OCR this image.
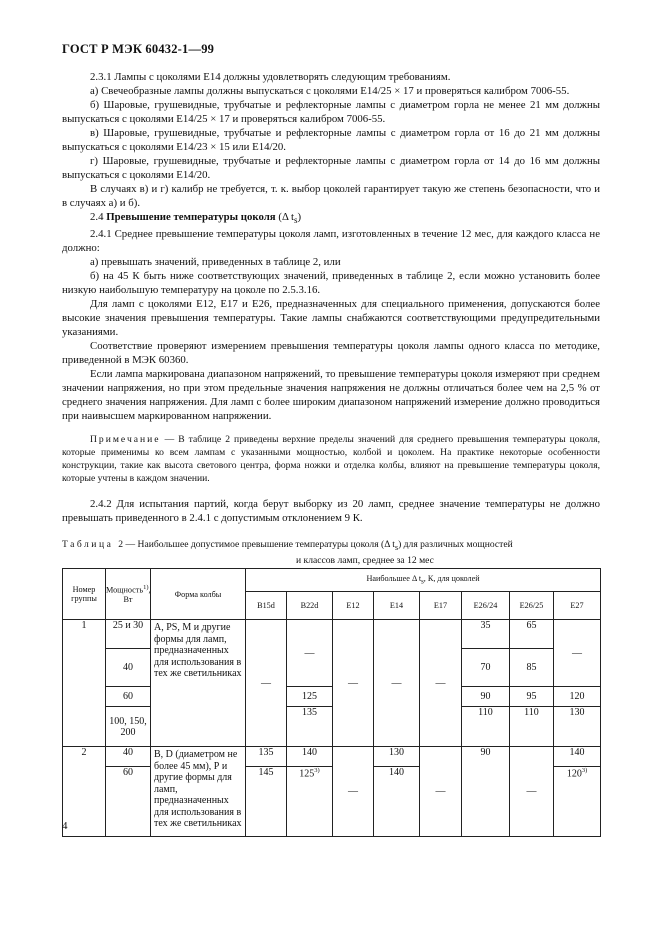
ГОСТ Р МЭК 60432-1—99

2.3.1 Лампы с цоколями Е14 должны удовлетворять следующим требованиям.

а) Свечеобразные лампы должны выпускаться с цоколями Е14/25 × 17 и проверяться калибром 7006-55.

б) Шаровые, грушевидные, трубчатые и рефлекторные лампы с диаметром горла не менее 21 мм должны выпускаться с цоколями Е14/25 × 17 и проверяться калибром 7006-55.

в) Шаровые, грушевидные, трубчатые и рефлекторные лампы с диаметром горла от 16 до 21 мм должны выпускаться с цоколями Е14/23 × 15 или Е14/20.

г) Шаровые, грушевидные, трубчатые и рефлекторные лампы с диаметром горла от 14 до 16 мм должны выпускаться с цоколями Е14/20.

В случаях в) и г) калибр не требуется, т. к. выбор цоколей гарантирует такую же степень безопасности, что и в случаях а) и б).

2.4 Превышение температуры цоколя (Δ $t_s$)

2.4.1 Среднее превышение температуры цоколя ламп, изготовленных в течение 12 мес, для каждого класса не должно:

а) превышать значений, приведенных в таблице 2, или

б) на 45 К быть ниже соответствующих значений, приведенных в таблице 2, если можно установить более низкую наибольшую температуру на цоколе по 2.5.3.16.

Для ламп с цоколями Е12, Е17 и Е26, предназначенных для специального применения, допускаются более высокие значения превышения температуры. Такие лампы снабжаются соответствующими предупредительными указаниями.

Соответствие проверяют измерением превышения температуры цоколя лампы одного класса по методике, приведенной в МЭК 60360.

Если лампа маркирована диапазоном напряжений, то превышение температуры цоколя измеряют при среднем значении напряжения, но при этом предельные значения напряжения не должны отличаться более чем на 2,5 % от среднего значения напряжения. Для ламп с более широким диапазоном напряжений измерение должно проводиться при наивысшем маркированном напряжении.

Примечание — В таблице 2 приведены верхние пределы значений для среднего превышения температуры цоколя, которые применимы ко всем лампам с указанными мощностью, колбой и цоколем. На практике некоторые особенности конструкции, такие как высота светового центра, форма ножки и отделка колбы, влияют на превышение температуры цоколя, которые учтены в каждом значении.

2.4.2 Для испытания партий, когда берут выборку из 20 ламп, среднее значение температуры не должно превышать приведенного в 2.4.1 с допустимым отклонением 9 К.

Таблица 2— Наибольшее допустимое превышение температуры цоколя (Δ $t_s$) для различных мощностей
и классов ламп, среднее за 12 мес
Номер группы	Мощность$^{1)}$, Вт	Форма колбы	Наибольшее Δ $t_s$, К, для цоколей							
			В15d	В22d	Е12	Е14	Е17	Е26/24	Е26/25	Е27
1	25 и 30	А, PS, М и другие формы для ламп, предназначенных для использования в тех же светильниках	—	—	—	—	—	35	65	—
	40							70	85	
	60			125				90	95	120
	100, 150, 200			135				110	110	130
2	40	В, D (диаметром не более 45 мм), Р и другие формы для ламп, предназначенных для использования в тех же светильниках	135	140	—	130	—	90	—	140
	60		145	125$^{3)}$		140				120$^{3)}$
4
